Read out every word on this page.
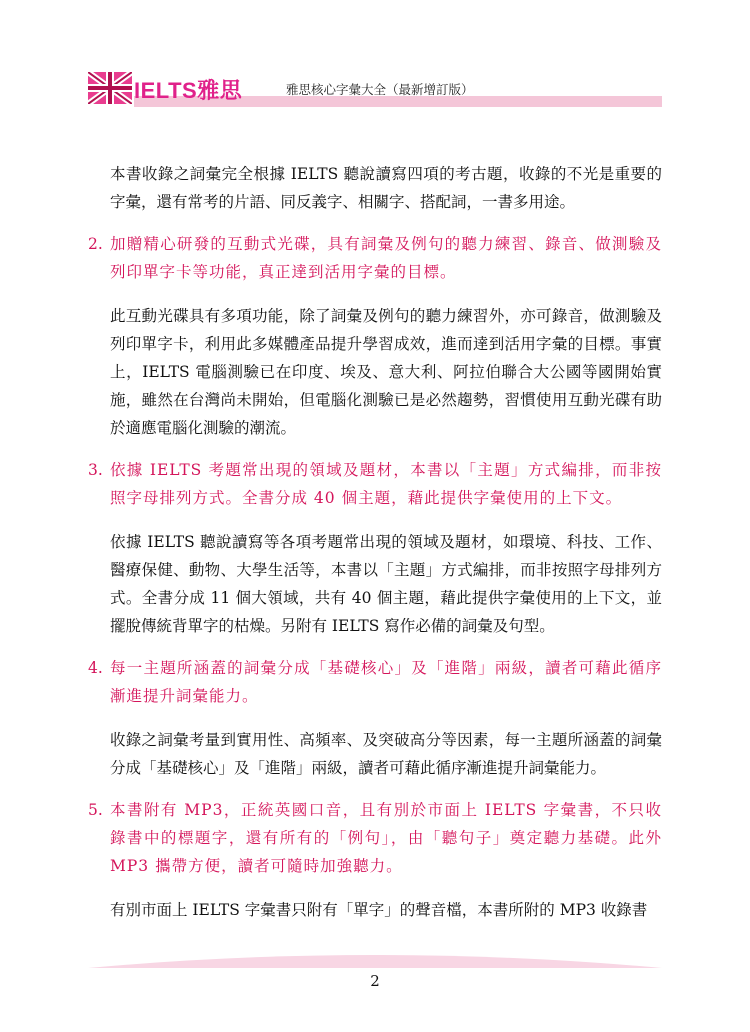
IELTS雅思	雅思核心字彙大全（最新增訂版）

本書收錄之詞彙完全根據 IELTS 聽說讀寫四項的考古題，收錄的不光是重要的字彙，還有常考的片語、同反義字、相關字、搭配詞，一書多用途。

2. 加贈精心研發的互動式光碟，具有詞彙及例句的聽力練習、錄音、做測驗及列印單字卡等功能，真正達到活用字彙的目標。

此互動光碟具有多項功能，除了詞彙及例句的聽力練習外，亦可錄音，做測驗及列印單字卡，利用此多媒體產品提升學習成效，進而達到活用字彙的目標。事實上，IELTS 電腦測驗已在印度、埃及、意大利、阿拉伯聯合大公國等國開始實施，雖然在台灣尚未開始，但電腦化測驗已是必然趨勢，習慣使用互動光碟有助於適應電腦化測驗的潮流。

3. 依據 IELTS 考題常出現的領域及題材，本書以「主題」方式編排，而非按照字母排列方式。全書分成 40 個主題，藉此提供字彙使用的上下文。

依據 IELTS 聽說讀寫等各項考題常出現的領域及題材，如環境、科技、工作、醫療保健、動物、大學生活等，本書以「主題」方式編排，而非按照字母排列方式。全書分成 11 個大領域，共有 40 個主題，藉此提供字彙使用的上下文，並擺脫傳統背單字的枯燥。另附有 IELTS 寫作必備的詞彙及句型。

4. 每一主題所涵蓋的詞彙分成「基礎核心」及「進階」兩級，讀者可藉此循序漸進提升詞彙能力。

收錄之詞彙考量到實用性、高頻率、及突破高分等因素，每一主題所涵蓋的詞彙分成「基礎核心」及「進階」兩級，讀者可藉此循序漸進提升詞彙能力。

5. 本書附有 MP3，正統英國口音，且有別於市面上 IELTS 字彙書，不只收錄書中的標題字，還有所有的「例句」，由「聽句子」奠定聽力基礎。此外 MP3 攜帶方便，讀者可隨時加強聽力。

有別市面上 IELTS 字彙書只附有「單字」的聲音檔，本書所附的 MP3 收錄書

2
